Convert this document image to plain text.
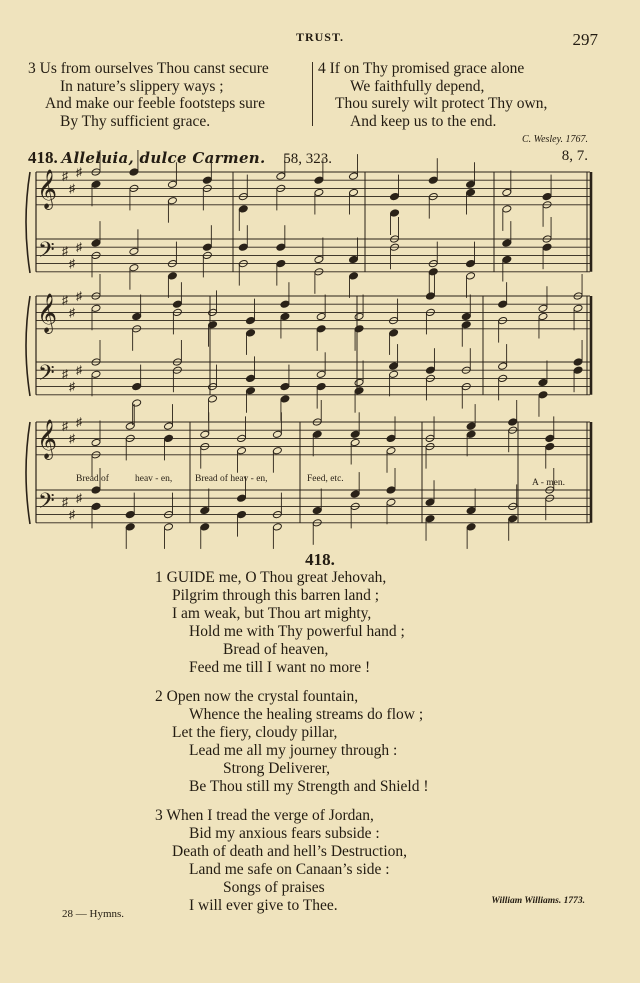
TRUST.	297
3 Us from ourselves Thou canst secure
In nature’s slippery ways ;
And make our feeble footsteps sure
By Thy sufficient grace.
4 If on Thy promised grace alone
We faithfully depend,
Thou surely wilt protect Thy own,
And keep us to the end.
C. Wesley. 1767.
418. Alleluia, dulce Carmen. 58, 323.	8, 7.
𝄞
𝄢
♯
♯
♯
♯
♯
♯
𝄞
𝄢
♯
♯
♯
♯
♯
♯
𝄞
𝄢
♯
♯
♯
♯
♯
♯
Bread of	heav - en, Bread of heav - en,	Feed, etc.	A - men.
418.
1 GUIDE me, O Thou great Jehovah,
Pilgrim through this barren land ;
I am weak, but Thou art mighty,
Hold me with Thy powerful hand ;
Bread of heaven,
Feed me till I want no more !
2 Open now the crystal fountain,
Whence the healing streams do flow ;
Let the fiery, cloudy pillar,
Lead me all my journey through :
Strong Deliverer,
Be Thou still my Strength and Shield !
3 When I tread the verge of Jordan,
Bid my anxious fears subside :
Death of death and hell’s Destruction,
Land me safe on Canaan’s side :
Songs of praises
I will ever give to Thee.	William Williams. 1773.
28 — Hymns.
